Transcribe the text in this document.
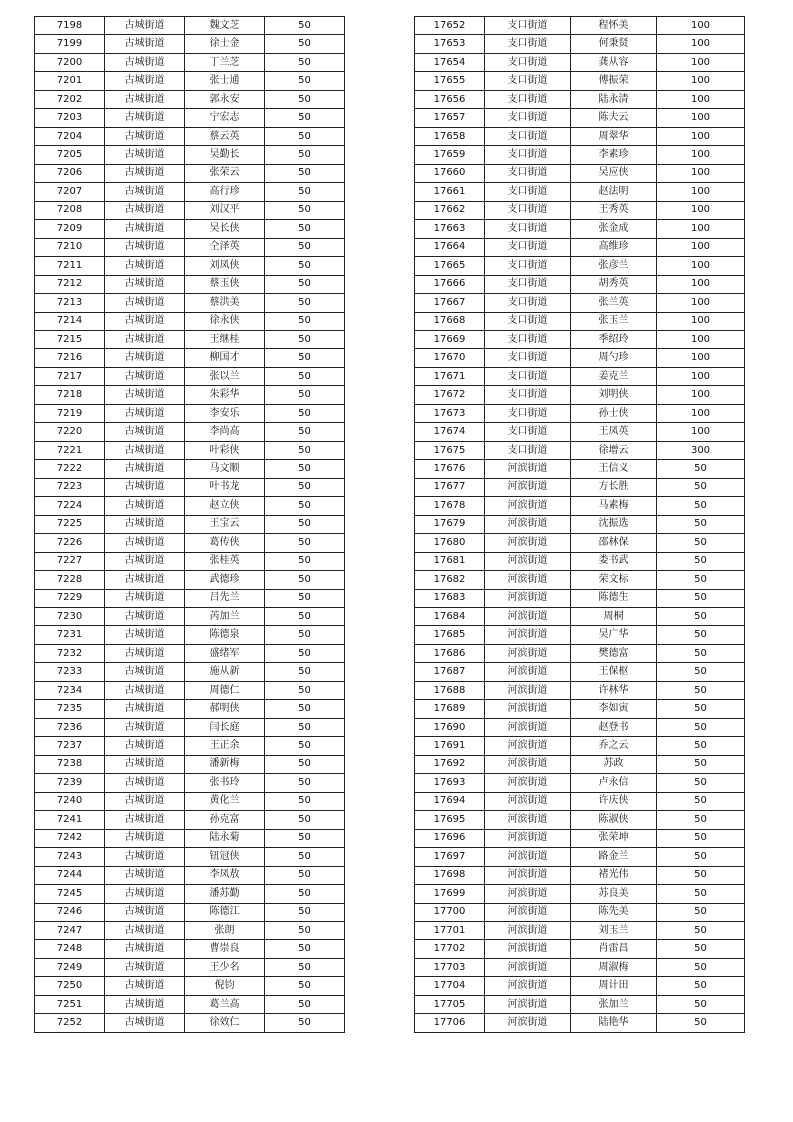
7198	古城街道	魏文芝	50
7199	古城街道	徐士金	50
7200	古城街道	丁兰芝	50
7201	古城街道	张士通	50
7202	古城街道	郭永安	50
7203	古城街道	宁宏志	50
7204	古城街道	蔡云英	50
7205	古城街道	吴勤长	50
7206	古城街道	张荣云	50
7207	古城街道	高行珍	50
7208	古城街道	刘汉平	50
7209	古城街道	吴长侠	50
7210	古城街道	仝泽英	50
7211	古城街道	刘凤侠	50
7212	古城街道	蔡玉侠	50
7213	古城街道	蔡洪美	50
7214	古城街道	徐永侠	50
7215	古城街道	王继桂	50
7216	古城街道	柳国才	50
7217	古城街道	张以兰	50
7218	古城街道	朱彩华	50
7219	古城街道	李安乐	50
7220	古城街道	李尚高	50
7221	古城街道	叶彩侠	50
7222	古城街道	马文顺	50
7223	古城街道	叶书龙	50
7224	古城街道	赵立侠	50
7225	古城街道	王宝云	50
7226	古城街道	葛传侠	50
7227	古城街道	张桂英	50
7228	古城街道	武德珍	50
7229	古城街道	吕先兰	50
7230	古城街道	芮加兰	50
7231	古城街道	陈德泉	50
7232	古城街道	盛绪军	50
7233	古城街道	施从新	50
7234	古城街道	周德仁	50
7235	古城街道	郝明侠	50
7236	古城街道	闫长庭	50
7237	古城街道	王正余	50
7238	古城街道	潘新梅	50
7239	古城街道	张书玲	50
7240	古城街道	黄化兰	50
7241	古城街道	孙克富	50
7242	古城街道	陆永菊	50
7243	古城街道	钮冠侠	50
7244	古城街道	李凤敖	50
7245	古城街道	潘苏勤	50
7246	古城街道	陈德江	50
7247	古城街道	张朗	50
7248	古城街道	曹崇良	50
7249	古城街道	王少名	50
7250	古城街道	倪钧	50
7251	古城街道	葛兰高	50
7252	古城街道	徐效仁	50
17652	支口街道	程怀美	100
17653	支口街道	何秉贤	100
17654	支口街道	龚从容	100
17655	支口街道	傅振荣	100
17656	支口街道	陆永清	100
17657	支口街道	陈夫云	100
17658	支口街道	周翠华	100
17659	支口街道	李素珍	100
17660	支口街道	吴应侠	100
17661	支口街道	赵法明	100
17662	支口街道	王秀英	100
17663	支口街道	张金成	100
17664	支口街道	高维珍	100
17665	支口街道	张彦兰	100
17666	支口街道	胡秀英	100
17667	支口街道	张兰英	100
17668	支口街道	张玉兰	100
17669	支口街道	季绍玲	100
17670	支口街道	周勺珍	100
17671	支口街道	姜克兰	100
17672	支口街道	刘明侠	100
17673	支口街道	孙士侠	100
17674	支口街道	王凤英	100
17675	支口街道	徐增云	300
17676	河滨街道	王信义	50
17677	河滨街道	方长胜	50
17678	河滨街道	马素梅	50
17679	河滨街道	沈振选	50
17680	河滨街道	邵林保	50
17681	河滨街道	娄书武	50
17682	河滨街道	荣文标	50
17683	河滨街道	陈德生	50
17684	河滨街道	周桐	50
17685	河滨街道	吴广华	50
17686	河滨街道	樊德富	50
17687	河滨街道	王保枢	50
17688	河滨街道	许林华	50
17689	河滨街道	李如寅	50
17690	河滨街道	赵登书	50
17691	河滨街道	乔之云	50
17692	河滨街道	苏政	50
17693	河滨街道	卢永信	50
17694	河滨街道	许庆侠	50
17695	河滨街道	陈淑侠	50
17696	河滨街道	张荣坤	50
17697	河滨街道	路金兰	50
17698	河滨街道	褚光伟	50
17699	河滨街道	苏良美	50
17700	河滨街道	陈先美	50
17701	河滨街道	刘玉兰	50
17702	河滨街道	肖雷昌	50
17703	河滨街道	周淑梅	50
17704	河滨街道	周计田	50
17705	河滨街道	张加兰	50
17706	河滨街道	陆艳华	50
